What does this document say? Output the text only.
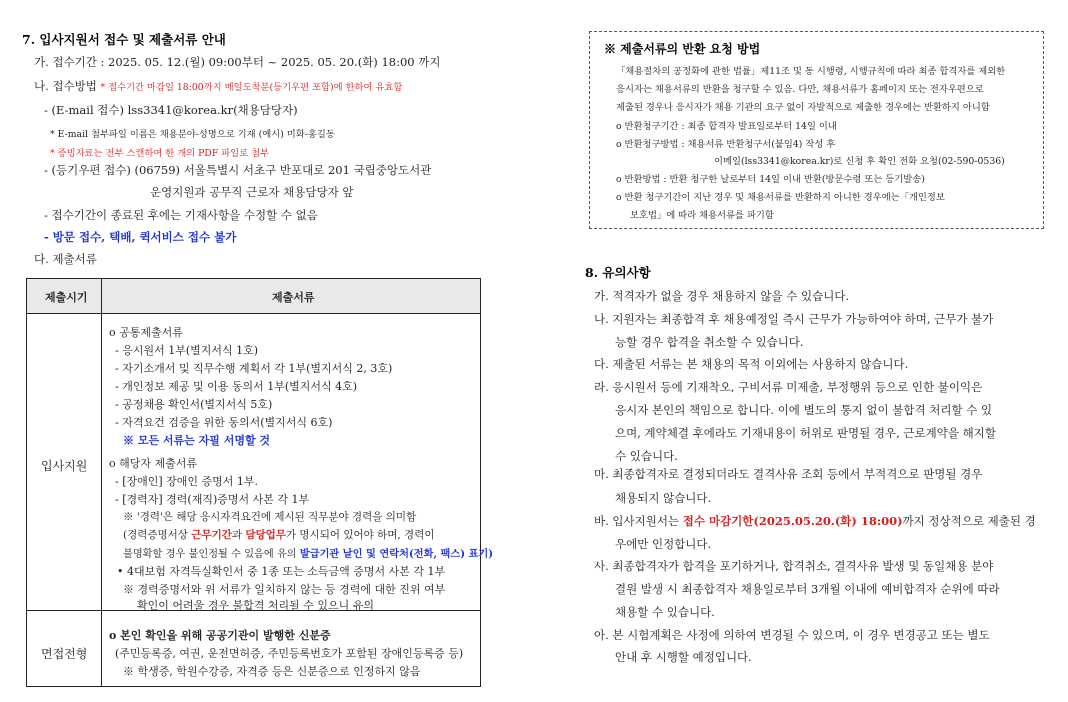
7. 입사지원서 접수 및 제출서류 안내
가. 접수기간 : 2025. 05. 12.(월) 09:00부터 ~ 2025. 05. 20.(화) 18:00 까지
나. 접수방법 * 접수기간 마감일 18:00까지 메일도착분(등기우편 포함)에 한하여 유효함
- (E-mail 접수) lss3341@korea.kr(채용담당자)
* E-mail 첨부파일 이름은 채용분야-성명으로 기재 (예시) 미화-홍길동
* 증빙자료는 전부 스캔하여 한 개의 PDF 파일로 첨부
- (등기우편 접수) (06759) 서울특별시 서초구 반포대로 201 국립중앙도서관
운영지원과 공무직 근로자 채용담당자 앞
- 접수기간이 종료된 후에는 기재사항을 수정할 수 없음
- 방문 접수, 택배, 퀵서비스 접수 불가
다. 제출서류
제출시기	제출서류
입사지원
o 공통제출서류
- 응시원서 1부(별지서식 1호)
- 자기소개서 및 직무수행 계획서 각 1부(별지서식 2, 3호)
- 개인정보 제공 및 이용 동의서 1부(별지서식 4호)
- 공정채용 확인서(별지서식 5호)
- 자격요건 검증을 위한 동의서(별지서식 6호)
※ 모든 서류는 자필 서명할 것
o 해당자 제출서류
- [장애인] 장애인 증명서 1부.
- [경력자] 경력(재직)증명서 사본 각 1부
※ '경력'은 해당 응시자격요건에 제시된 직무분야 경력을 의미함
(경력증명서상 근무기간과 담당업무가 명시되어 있어야 하며, 경력이
불명확할 경우 불인정될 수 있음에 유의 발급기관 날인 및 연락처(전화, 팩스) 표기)
• 4대보험 자격득실확인서 중 1종 또는 소득금액 증명서 사본 각 1부
※ 경력증명서와 위 서류가 일치하지 않는 등 경력에 대한 진위 여부
확인이 어려울 경우 불합격 처리될 수 있으니 유의
면접전형
o 본인 확인을 위해 공공기관이 발행한 신분증
(주민등록증, 여권, 운전면허증, 주민등록번호가 포함된 장애인등록증 등)
※ 학생증, 학원수강증, 자격증 등은 신분증으로 인정하지 않음
※ 제출서류의 반환 요청 방법
「채용절차의 공정화에 관한 법률」제11조 및 동 시행령, 시행규칙에 따라 최종 합격자를 제외한
응시자는 채용서류의 반환을 청구할 수 있음. 다만, 채용서류가 홈페이지 또는 전자우편으로
제출된 경우나 응시자가 채용 기관의 요구 없이 자발적으로 제출한 경우에는 반환하지 아니함
o 반환청구기간 : 최종 합격자 발표일로부터 14일 이내
o 반환청구방법 : 채용서류 반환청구서(붙임4) 작성 후
이메일(lss3341@korea.kr)로 신청 후 확인 전화 요청(02-590-0536)
o 반환방법 : 반환 청구한 날로부터 14일 이내 반환(방문수령 또는 등기발송)
o 반환 청구기간이 지난 경우 및 채용서류를 반환하지 아니한 경우에는「개인정보
보호법」에 따라 채용서류를 파기함
8. 유의사항
가. 적격자가 없을 경우 채용하지 않을 수 있습니다.
나. 지원자는 최종합격 후 채용예정일 즉시 근무가 가능하여야 하며, 근무가 불가
능할 경우 합격을 취소할 수 있습니다.
다. 제출된 서류는 본 채용의 목적 이외에는 사용하지 않습니다.
라. 응시원서 등에 기재착오, 구비서류 미제출, 부정행위 등으로 인한 불이익은
응시자 본인의 책임으로 합니다. 이에 별도의 통지 없이 불합격 처리할 수 있
으며, 계약체결 후에라도 기재내용이 허위로 판명될 경우, 근로계약을 해지할
수 있습니다.
마. 최종합격자로 결정되더라도 결격사유 조회 등에서 부적격으로 판명될 경우
채용되지 않습니다.
바. 입사지원서는 접수 마감기한(2025.05.20.(화) 18:00)까지 정상적으로 제출된 경
우에만 인정합니다.
사. 최종합격자가 합격을 포기하거나, 합격취소, 결격사유 발생 및 동일채용 분야
결원 발생 시 최종합격자 채용일로부터 3개월 이내에 예비합격자 순위에 따라
채용할 수 있습니다.
아. 본 시험계획은 사정에 의하여 변경될 수 있으며, 이 경우 변경공고 또는 별도
안내 후 시행할 예정입니다.
